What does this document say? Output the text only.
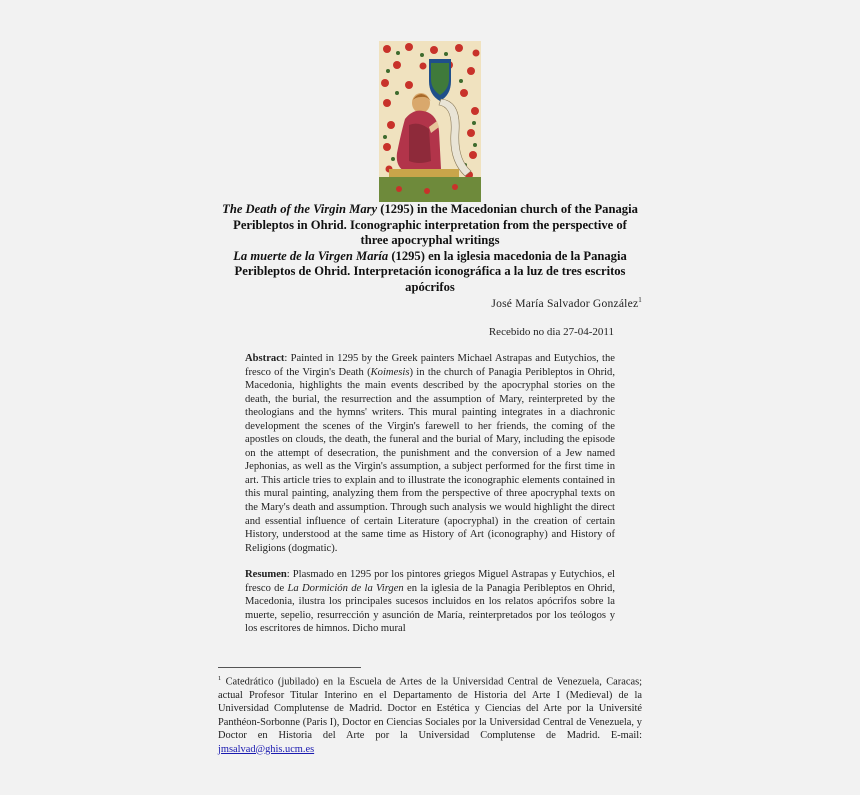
The Death of the Virgin Mary (1295) in the Macedonian church of the Panagia Peribleptos in Ohrid. Iconographic interpretation from the perspective of three apocryphal writings

La muerte de la Virgen María (1295) en la iglesia macedonia de la Panagia Peribleptos de Ohrid. Interpretación iconográfica a la luz de tres escritos apócrifos

José María Salvador González$^1$
Recebido no dia 27-04-2011

Abstract: Painted in 1295 by the Greek painters Michael Astrapas and Eutychios, the fresco of the Virgin's Death (Koimesis) in the church of Panagia Peribleptos in Ohrid, Macedonia, highlights the main events described by the apocryphal stories on the death, the burial, the resurrection and the assumption of Mary, reinterpreted by the theologians and the hymns' writers. This mural painting integrates in a diachronic development the scenes of the Virgin's farewell to her friends, the coming of the apostles on clouds, the death, the funeral and the burial of Mary, including the episode on the attempt of desecration, the punishment and the conversion of a Jew named Jephonias, as well as the Virgin's assumption, a subject performed for the first time in art. This article tries to explain and to illustrate the iconographic elements contained in this mural painting, analyzing them from the perspective of three apocryphal texts on the Mary's death and assumption. Through such analysis we would highlight the direct and essential influence of certain Literature (apocryphal) in the creation of certain History, understood at the same time as History of Art (iconography) and History of Religions (dogmatic).

Resumen: Plasmado en 1295 por los pintores griegos Miguel Astrapas y Eutychios, el fresco de La Dormición de la Virgen en la iglesia de la Panagia Peribleptos en Ohrid, Macedonia, ilustra los principales sucesos incluidos en los relatos apócrifos sobre la muerte, sepelio, resurrección y asunción de María, reinterpretados por los teólogos y los escritores de himnos. Dicho mural

$^1$ Catedrático (jubilado) en la Escuela de Artes de la Universidad Central de Venezuela, Caracas; actual Profesor Titular Interino en el Departamento de Historia del Arte I (Medieval) de la Universidad Complutense de Madrid. Doctor en Estética y Ciencias del Arte por la Université Panthéon-Sorbonne (Paris I), Doctor en Ciencias Sociales por la Universidad Central de Venezuela, y Doctor en Historia del Arte por la Universidad Complutense de Madrid. E-mail: jmsalvad@ghis.ucm.es
